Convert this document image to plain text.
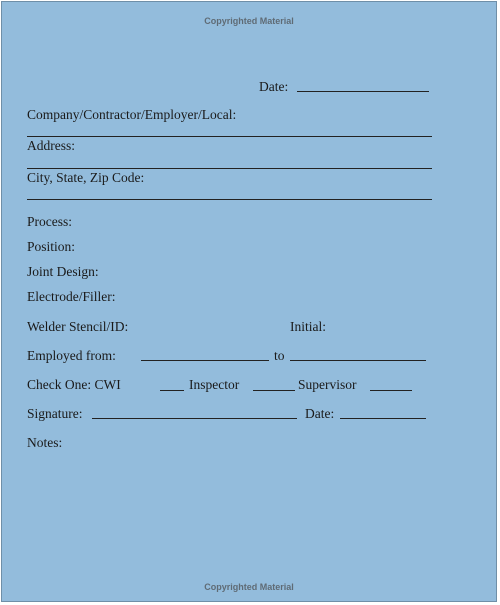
Copyrighted Material
Date:
Company/Contractor/Employer/Local:
Address:
City, State, Zip Code:
Process:
Position:
Joint Design:
Electrode/Filler:
Welder Stencil/ID:	Initial:
Employed from:	to
Check One: CWI	Inspector	Supervisor
Signature:	Date:
Notes:
Copyrighted Material
